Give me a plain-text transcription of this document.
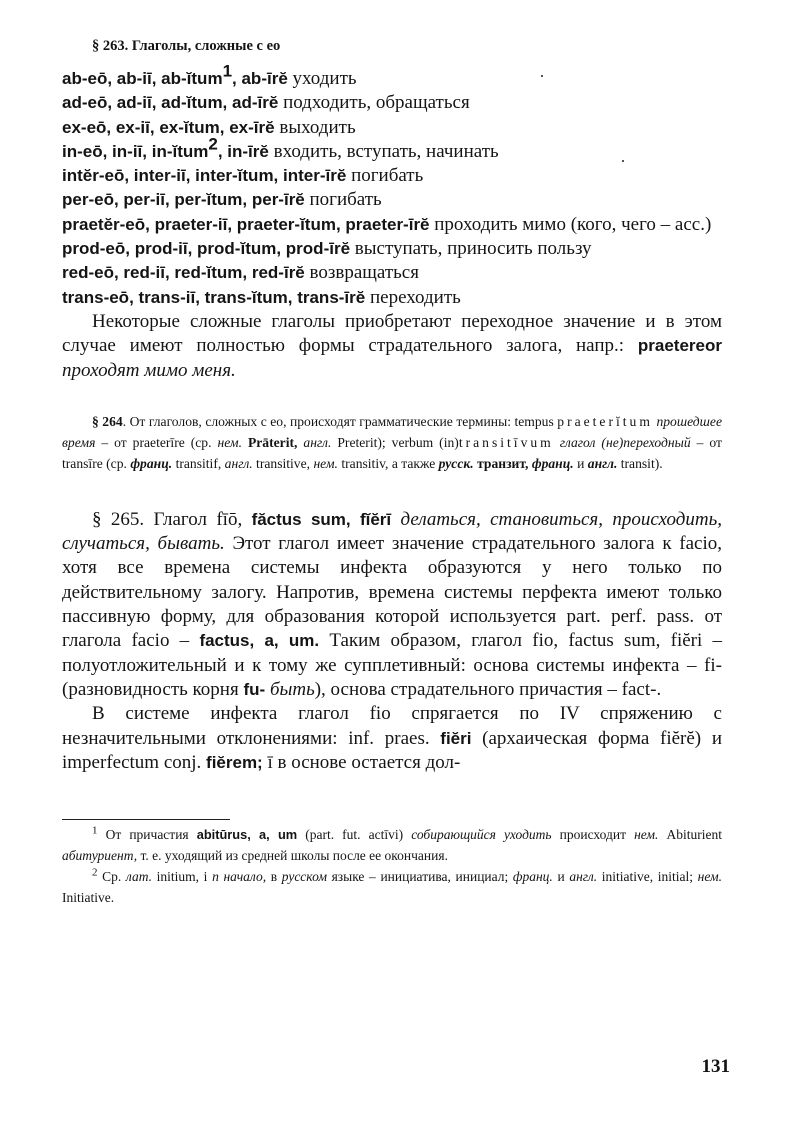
§ 263. Глаголы, сложные с ео
ab-eō, ab-iī, ab-ĭtum$^1$, ab-īrĕ уходить
ad-eō, ad-iī, ad-ĭtum, ad-īrĕ подходить, обращаться
ex-eō, ex-iī, ex-ĭtum, ex-īrĕ выходить
in-eō, in-iī, in-ĭtum$^2$, in-īrĕ входить, вступать, начинать
intĕr-eō, inter-iī, inter-ĭtum, inter-īrĕ погибать
per-eō, per-iī, per-ĭtum, per-īrĕ погибать
praetĕr-eō, praeter-iī, praeter-ĭtum, praeter-īrĕ проходить мимо (кого, чего – acc.)
prod-eō, prod-iī, prod-ĭtum, prod-īrĕ выступать, приносить пользу
red-eō, red-iī, red-ĭtum, red-īrĕ возвращаться
trans-eō, trans-iī, trans-ĭtum, trans-īrĕ переходить

Некоторые сложные глаголы приобретают переходное значение и в этом случае имеют полностью формы страдательного залога, напр.: praetereor проходят мимо меня.

§ 264. От глаголов, сложных с ео, происходят грамматические термины: tempus praeterĭtum прошедшее время – от praeterīre (ср. нем. Prāterit, англ. Preterit); verbum (in)transitīvum глагол (не)переходный – от transīre (ср. франц. transitif, англ. transitive, нем. transitiv, а также русск. транзит, франц. и англ. transit).

§ 265. Глагол fīō, făctus sum, fĭĕrī делаться, становиться, происходить, случаться, бывать. Этот глагол имеет значение страдательного залога к facio, хотя все времена системы инфекта образуются у него только по действительному залогу. Напротив, времена системы перфекта имеют только пассивную форму, для образования которой используется part. perf. pass. от глагола facio – factus, a, um. Таким образом, глагол fio, factus sum, fiĕri – полуотложительный и к тому же супплетивный: основа системы инфекта – fi- (разновидность корня fu- быть), основа страдательного причастия – fact-.

В системе инфекта глагол fio спрягается по IV спряжению с незначительными отклонениями: inf. praes. fiĕri (архаическая форма fiĕrĕ) и imperfectum conj. fiĕrem; ī в основе остается дол-

$^1$ От причастия abitūrus, a, um (part. fut. actīvi) собирающийся уходить происходит нем. Abiturient абитуриент, т. е. уходящий из средней школы после ее окончания.

$^2$ Ср. лат. initium, i n начало, в русском языке – инициатива, инициал; франц. и англ. initiative, initial; нем. Initiative.

131
